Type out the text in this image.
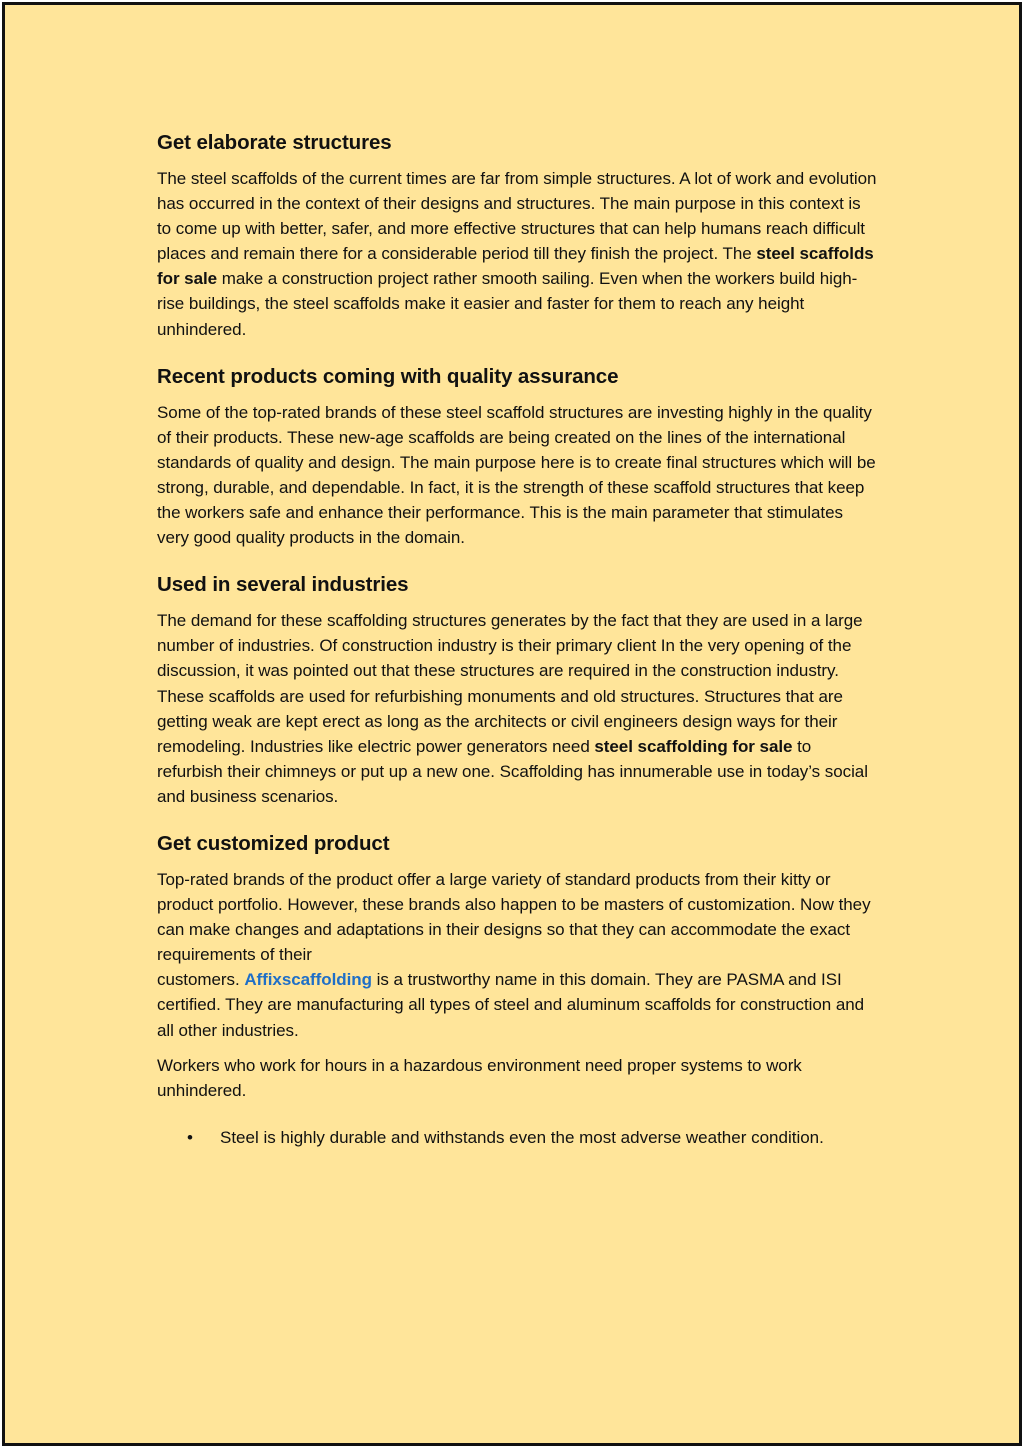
Get elaborate structures

The steel scaffolds of the current times are far from simple structures. A lot of work and evolution has occurred in the context of their designs and structures. The main purpose in this context is to come up with better, safer, and more effective structures that can help humans reach difficult places and remain there for a considerable period till they finish the project. The steel scaffolds for sale make a construction project rather smooth sailing. Even when the workers build high-rise buildings, the steel scaffolds make it easier and faster for them to reach any height unhindered.

Recent products coming with quality assurance

Some of the top-rated brands of these steel scaffold structures are investing highly in the quality of their products. These new-age scaffolds are being created on the lines of the international standards of quality and design. The main purpose here is to create final structures which will be strong, durable, and dependable. In fact, it is the strength of these scaffold structures that keep the workers safe and enhance their performance. This is the main parameter that stimulates very good quality products in the domain.

Used in several industries

The demand for these scaffolding structures generates by the fact that they are used in a large number of industries. Of construction industry is their primary client In the very opening of the discussion, it was pointed out that these structures are required in the construction industry. These scaffolds are used for refurbishing monuments and old structures. Structures that are getting weak are kept erect as long as the architects or civil engineers design ways for their remodeling. Industries like electric power generators need steel scaffolding for sale to refurbish their chimneys or put up a new one. Scaffolding has innumerable use in today’s social and business scenarios.

Get customized product

Top-rated brands of the product offer a large variety of standard products from their kitty or product portfolio. However, these brands also happen to be masters of customization. Now they can make changes and adaptations in their designs so that they can accommodate the exact requirements of their
customers. Affixscaffolding is a trustworthy name in this domain. They are PASMA and ISI certified. They are manufacturing all types of steel and aluminum scaffolds for construction and all other industries.

Workers who work for hours in a hazardous environment need proper systems to work unhindered.

• Steel is highly durable and withstands even the most adverse weather condition.
